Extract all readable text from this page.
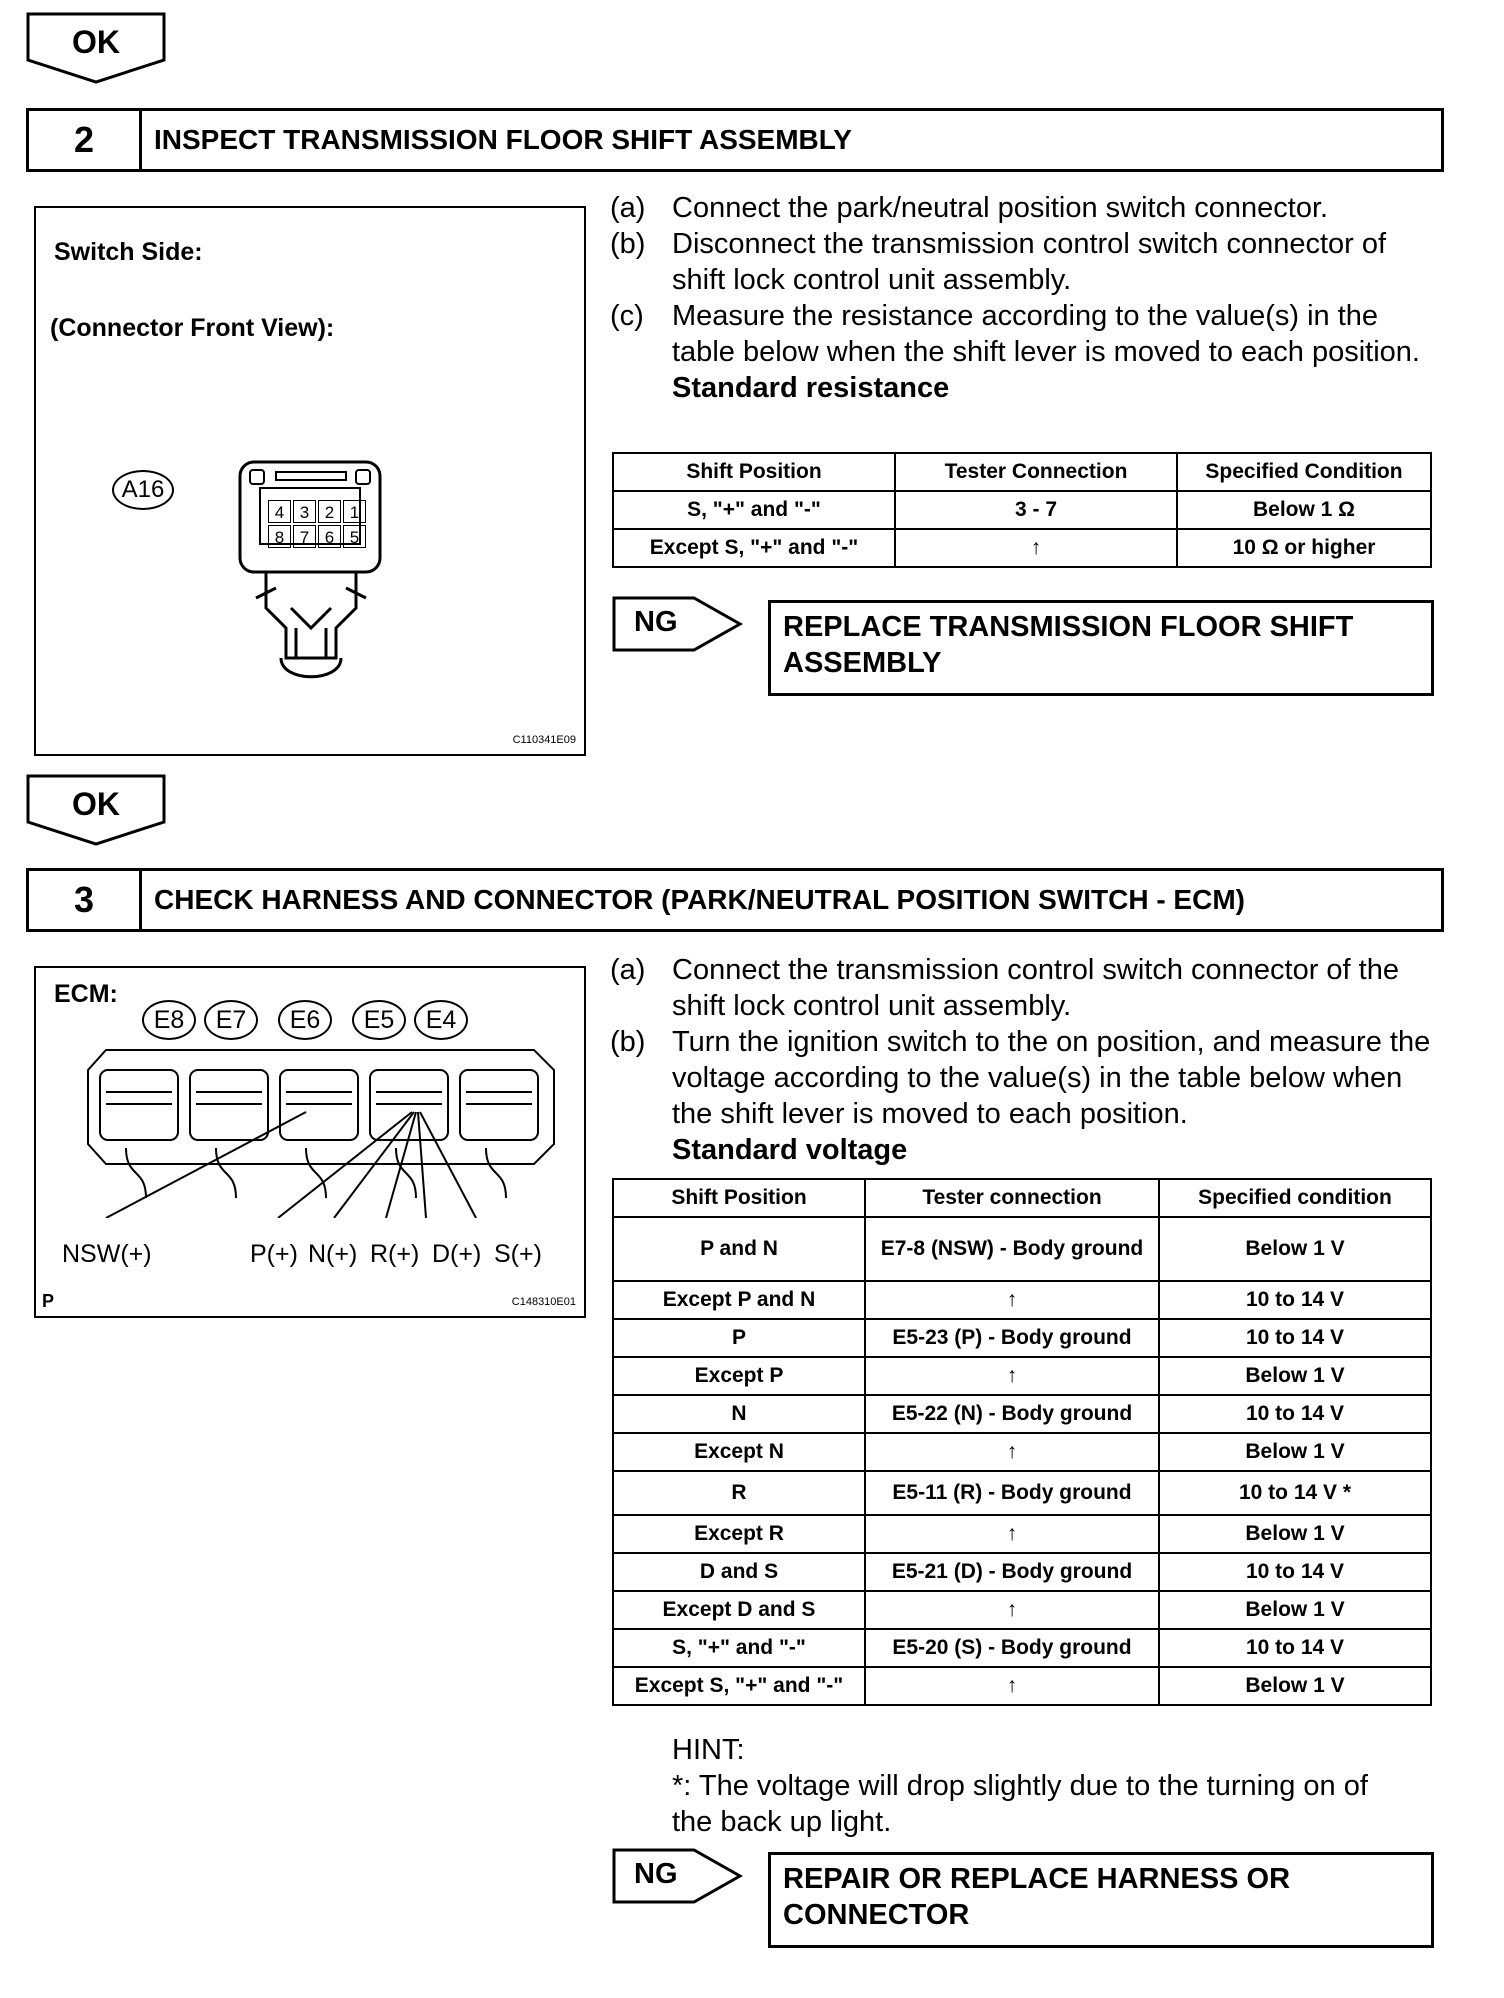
OK
2	INSPECT TRANSMISSION FLOOR SHIFT ASSEMBLY
Switch Side:
(Connector Front View):
A16
4 3 2 1
8 7 6 5
C110341E09
(a) Connect the park/neutral position switch connector.
(b) Disconnect the transmission control switch connector of shift lock control unit assembly.
(c) Measure the resistance according to the value(s) in the table below when the shift lever is moved to each position.
Standard resistance
Shift Position	Tester Connection	Specified Condition
S, "+" and "-"	3 - 7	Below 1 Ω
Except S, "+" and "-"	↑	10 Ω or higher
NG	REPLACE TRANSMISSION FLOOR SHIFT ASSEMBLY
OK
3	CHECK HARNESS AND CONNECTOR (PARK/NEUTRAL POSITION SWITCH - ECM)
ECM:
E8	E7	E6	E5	E4
NSW(+)	P(+) N(+) R(+) D(+) S(+)
P	C148310E01
(a) Connect the transmission control switch connector of the shift lock control unit assembly.
(b) Turn the ignition switch to the on position, and measure the voltage according to the value(s) in the table below when the shift lever is moved to each position.
Standard voltage
Shift Position	Tester connection	Specified condition
P and N	E7-8 (NSW) - Body ground	Below 1 V
Except P and N	↑	10 to 14 V
P	E5-23 (P) - Body ground	10 to 14 V
Except P	↑	Below 1 V
N	E5-22 (N) - Body ground	10 to 14 V
Except N	↑	Below 1 V
R	E5-11 (R) - Body ground	10 to 14 V *
Except R	↑	Below 1 V
D and S	E5-21 (D) - Body ground	10 to 14 V
Except D and S	↑	Below 1 V
S, "+" and "-"	E5-20 (S) - Body ground	10 to 14 V
Except S, "+" and "-"	↑	Below 1 V
HINT:
*: The voltage will drop slightly due to the turning on of the back up light.
NG	REPAIR OR REPLACE HARNESS OR CONNECTOR
